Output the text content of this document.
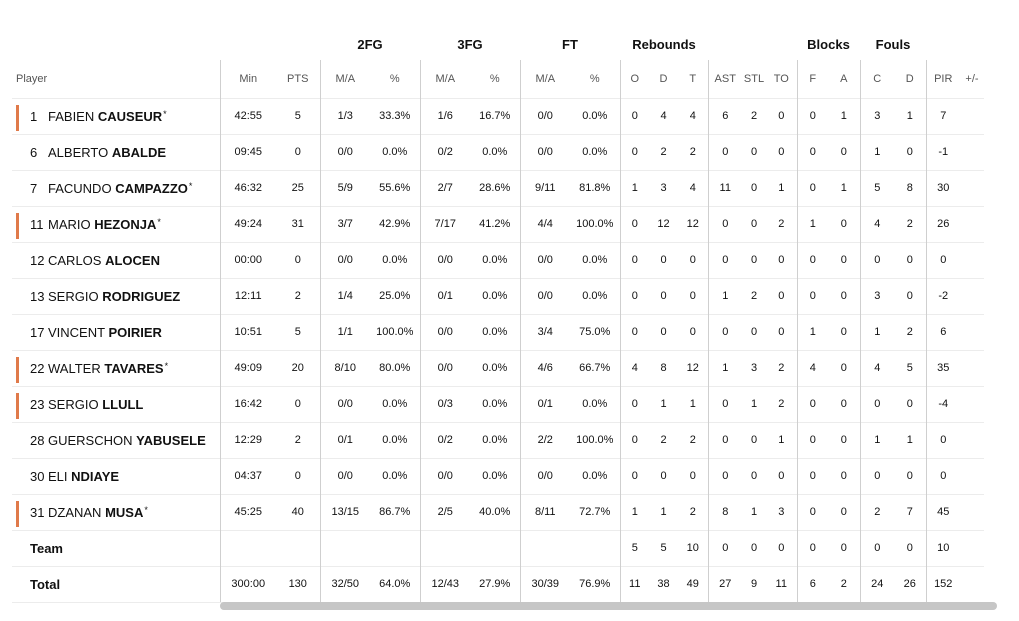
			2FG		3FG		FT		Rebounds						Blocks		Fouls			
Player	Min	PTS	M/A	%	M/A	%	M/A	%	O	D	T	AST	STL	TO	F	A	C	D	PIR	+/-

1 FABIEN CAUSEUR*	42:55	5	1/3	33.3%	1/6	16.7%	0/0	0.0%	0	4	4	6	2	0	0	1	3	1	7	
6 ALBERTO ABALDE	09:45	0	0/0	0.0%	0/2	0.0%	0/0	0.0%	0	2	2	0	0	0	0	0	1	0	-1	
7 FACUNDO CAMPAZZO*	46:32	25	5/9	55.6%	2/7	28.6%	9/11	81.8%	1	3	4	11	0	1	0	1	5	8	30	

11 MARIO HEZONJA*	49:24	31	3/7	42.9%	7/17	41.2%	4/4	100.0%	0	12	12	0	0	2	1	0	4	2	26	
12 CARLOS ALOCEN	00:00	0	0/0	0.0%	0/0	0.0%	0/0	0.0%	0	0	0	0	0	0	0	0	0	0	0	
13 SERGIO RODRIGUEZ	12:11	2	1/4	25.0%	0/1	0.0%	0/0	0.0%	0	0	0	1	2	0	0	0	3	0	-2	
17 VINCENT POIRIER	10:51	5	1/1	100.0%	0/0	0.0%	3/4	75.0%	0	0	0	0	0	0	1	0	1	2	6	

22 WALTER TAVARES*	49:09	20	8/10	80.0%	0/0	0.0%	4/6	66.7%	4	8	12	1	3	2	4	0	4	5	35	

23 SERGIO LLULL	16:42	0	0/0	0.0%	0/3	0.0%	0/1	0.0%	0	1	1	0	1	2	0	0	0	0	-4	
28 GUERSCHON YABUSELE	12:29	2	0/1	0.0%	0/2	0.0%	2/2	100.0%	0	2	2	0	0	1	0	0	1	1	0	
30 ELI NDIAYE	04:37	0	0/0	0.0%	0/0	0.0%	0/0	0.0%	0	0	0	0	0	0	0	0	0	0	0	

31 DZANAN MUSA*	45:25	40	13/15	86.7%	2/5	40.0%	8/11	72.7%	1	1	2	8	1	3	0	0	2	7	45	
Team									5	5	10	0	0	0	0	0	0	0	10	
Total	300:00	130	32/50	64.0%	12/43	27.9%	30/39	76.9%	11	38	49	27	9	11	6	2	24	26	152	
